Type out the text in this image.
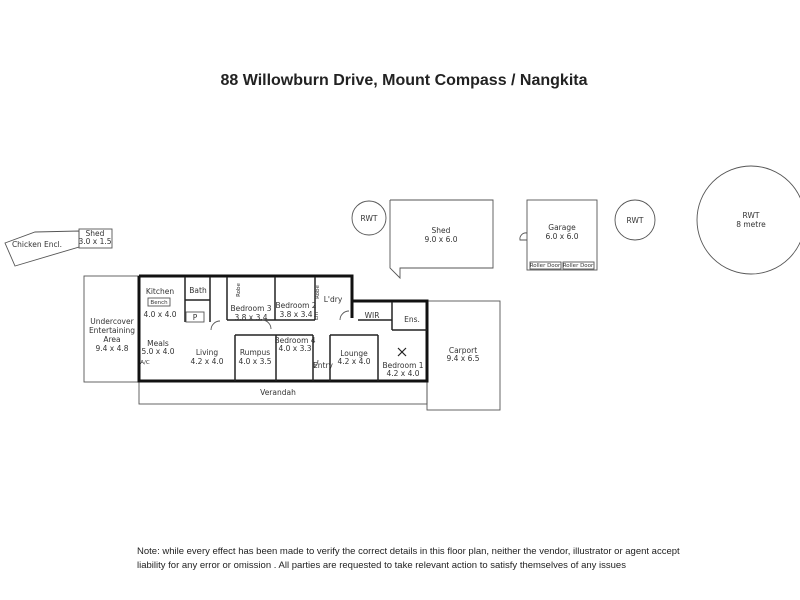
88 Willowburn Drive, Mount Compass / Nangkita
Chicken Encl.
Shed
3.0 x 1.5
RWT
Shed
9.0 x 6.0
Garage
6.0 x 6.0
Roller Door Roller Door
RWT
RWT
8 metre
Undercover
Entertaining
Area
9.4 x 4.8
Verandah
Carport
9.4 x 6.5
Kitchen
Bench
4.0 x 4.0
Bath
P
Meals
5.0 x 4.0
A/C
Living
4.2 x 4.0
Rumpus
4.0 x 3.5
Bedroom 3
3.8 x 3.4
Robe
Bedroom 2
3.8 x 3.4
Robe
Lin
L'dry
Bedroom 4
4.0 x 3.3
Entry
Lounge
4.2 x 4.0
WIR	Ens.
Bedroom 1
4.2 x 4.0
Note: while every effect has been made to verify the correct details in this floor plan, neither the vendor, illustrator or agent accept liability for any error or omission . All parties are requested to take relevant action to satisfy themselves of any issues
